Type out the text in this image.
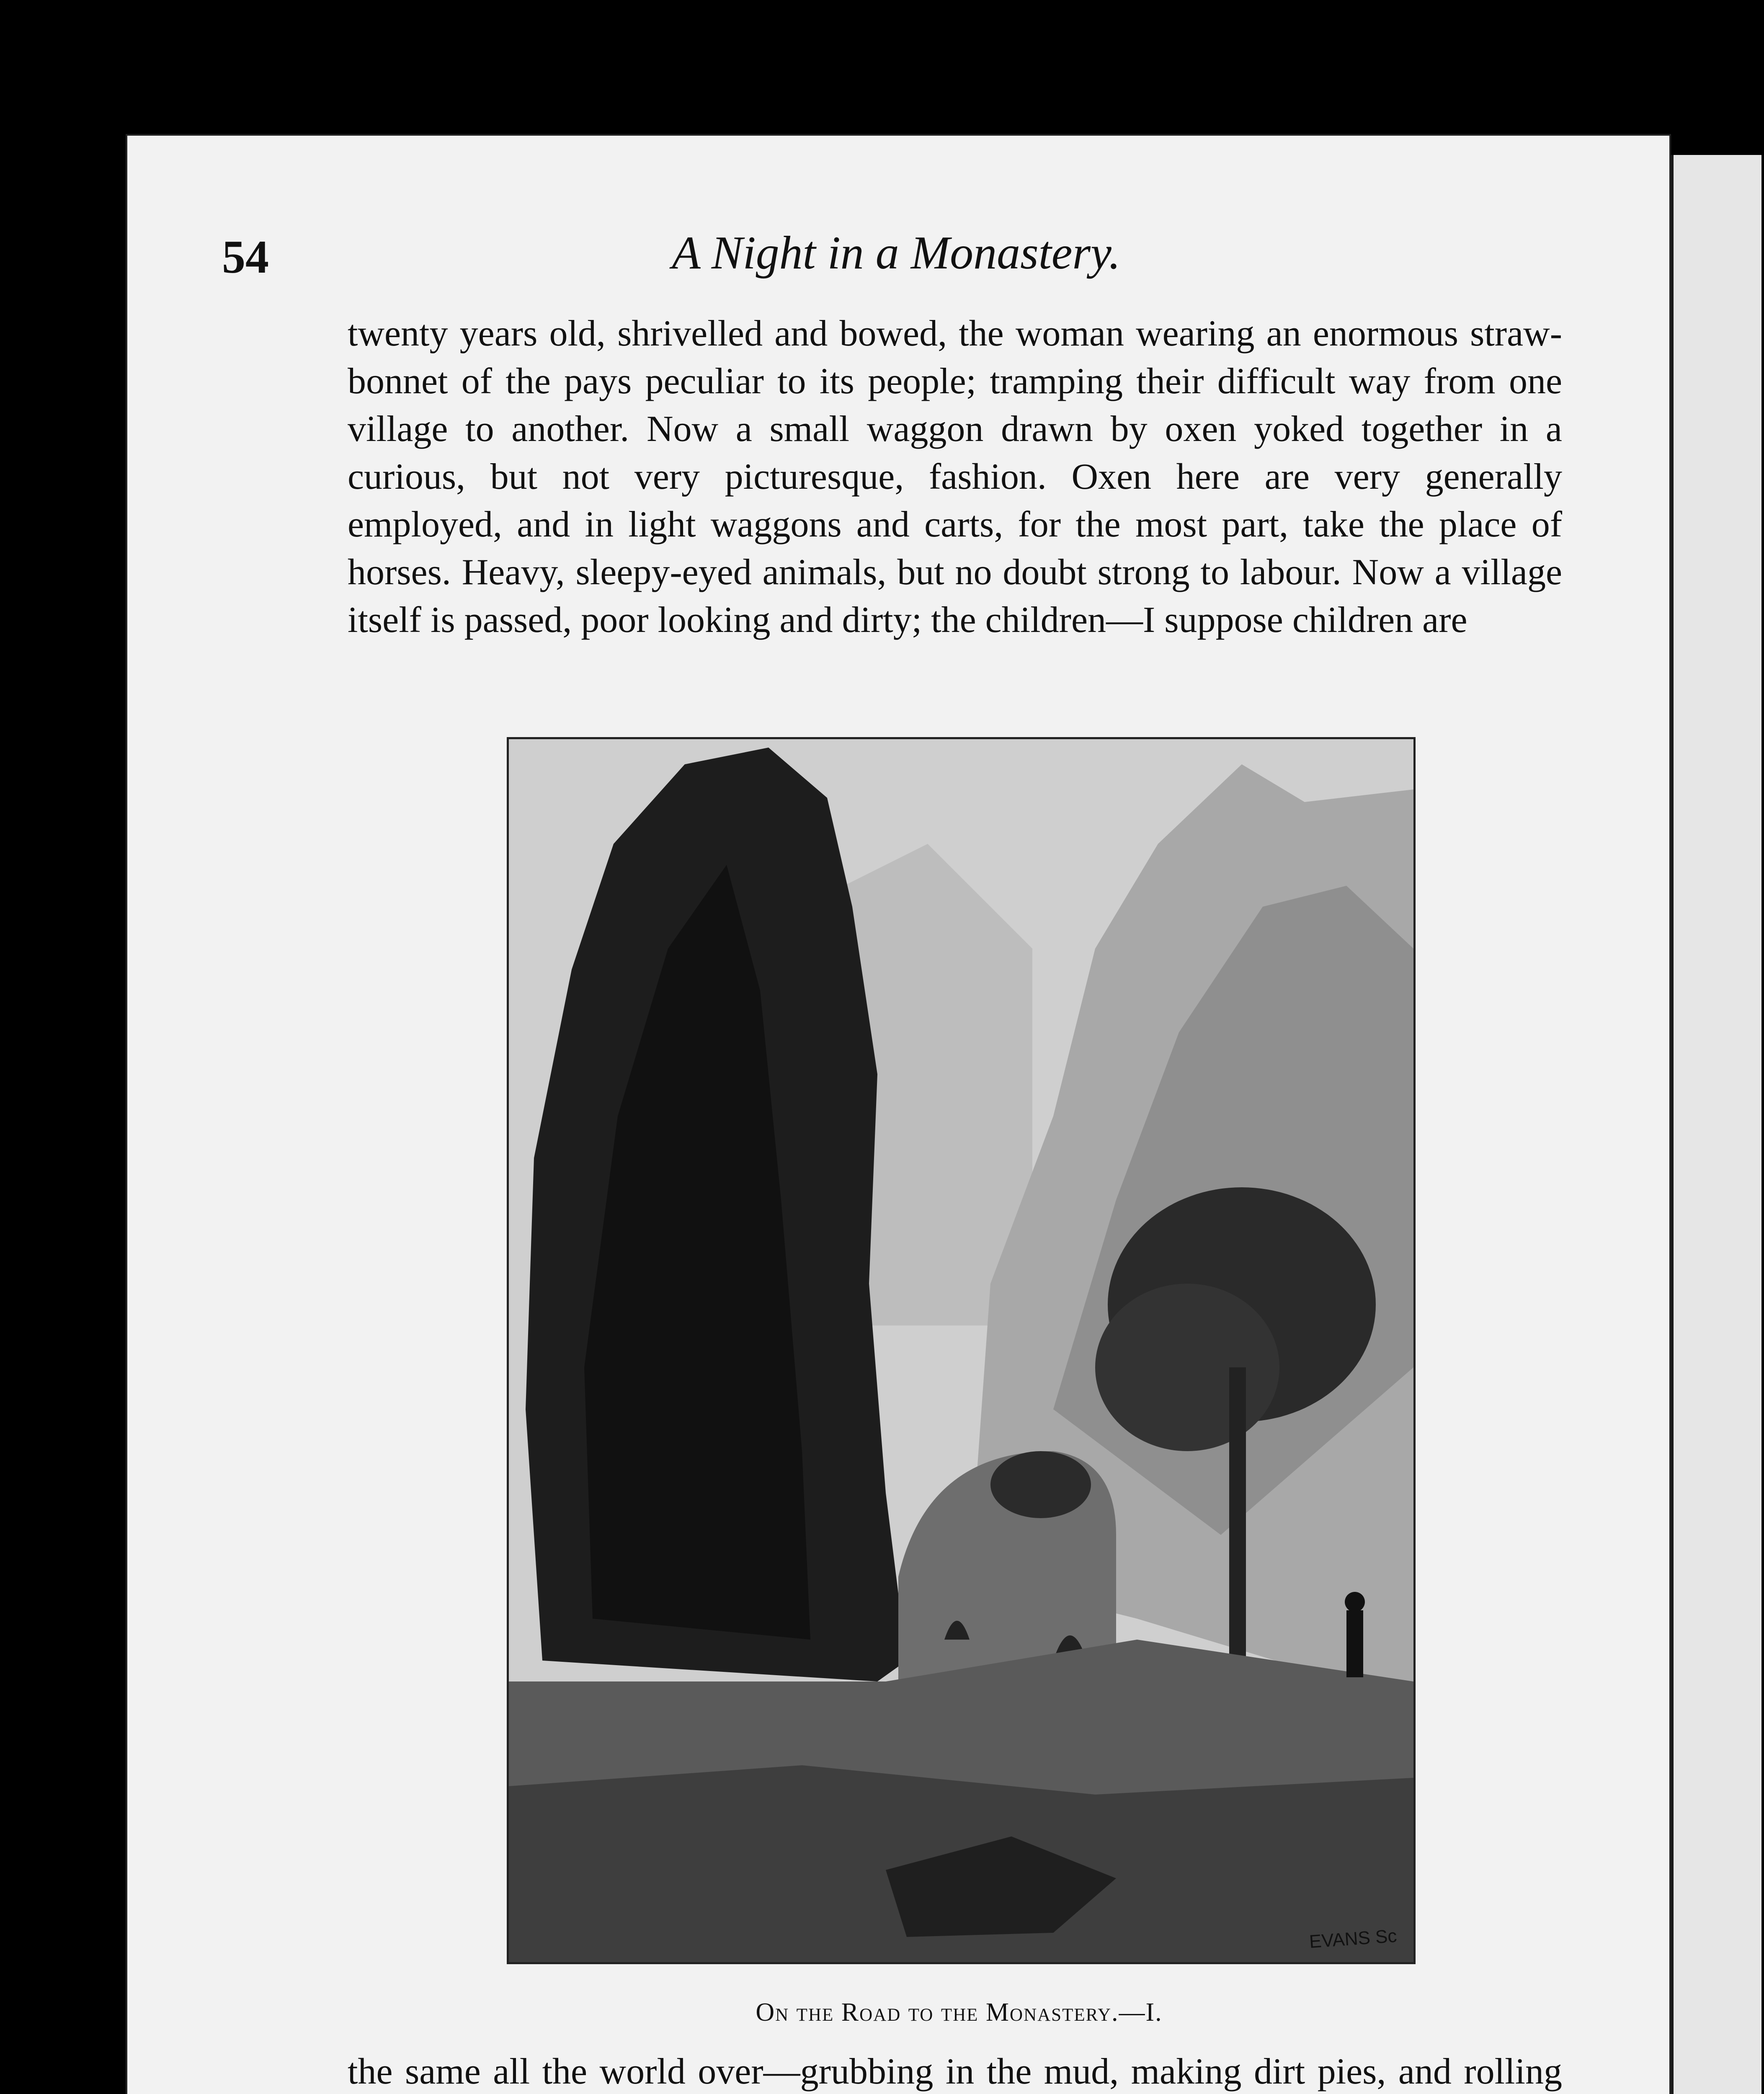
54	A Night in a Monastery.

twenty years old, shrivelled and bowed, the woman wearing an enormous straw-bonnet of the pays peculiar to its people; tramping their difficult way from one village to another. Now a small waggon drawn by oxen yoked together in a curious, but not very picturesque, fashion. Oxen here are very generally employed, and in light waggons and carts, for the most part, take the place of horses. Heavy, sleepy-eyed animals, but no doubt strong to labour. Now a village itself is passed, poor looking and dirty; the children—I suppose children are

EVANS Sc
On the Road to the Monastery.—I.

the same all the world over—grubbing in the mud, making dirt pies, and rolling
